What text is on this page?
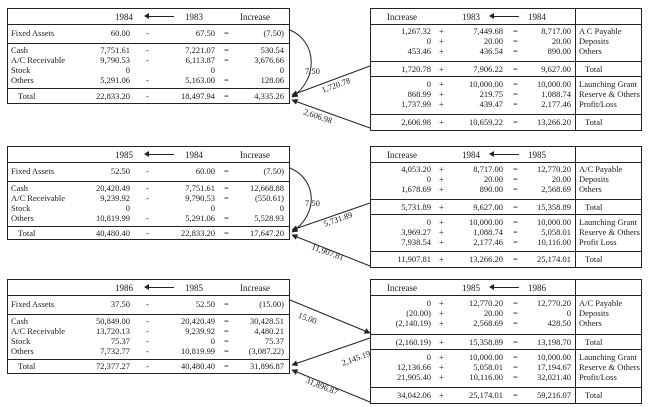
7.50
1,720.78
2,606.98
7.50
5,731.89
11,907.81
15.00
2,145.19
31,896.87
1984	1983	Increase
Fixed Assets	60.00 -	67.50 =	(7.50)
Cash	7,751.61 -	7,221.07 =	530.54
A/C Receivable	9,790.53 -	6,113.87 =	3,676.66
Stock	0	0	0
Others	5,291.06 -	5,163.00 =	128.06
Total	22,833.20 -	18,497.94 =	4,335.26
Increase	1983	1984
1,267.32 +	7,449.68 =	8,717.00 A C Payable
0 +	20.00 =	20.00 Deposits
453.46 +	436.54 =	890.00 Others
1,720.78 +	7,906.22 =	9,627.00 Total
0 +	10,000.00 =	10,000.00 Launching Grant
868.99 +	219.75 =	1,088.74 Reserve & Others
1,737.99 +	439.47 =	2,177.46 Profit/Loss
2,606.98 +	10,659.22 =	13,266.20 Total
1985	1984	Increase
Fixed Assets	52.50 -	60.00 =	(7.50)
Cash	20,420.49 -	7,751.61 =	12,668.88
A/C Receivable	9,239.92 -	9,790.53 =	(550.61)
Stock	0	0	0
Others	10,819.99 -	5,291.06 =	5,528.93
Total	40,480.40 -	22,833.20 =	17,647.20
Increase	1984	1985
4,053.20 +	8,717.00 =	12,770.20 A/C Payable
0 +	20.00 =	20.00 Deposits
1,678.69 +	890.00 =	2,568.69 Others
5,731.89 +	9,627.00 =	15,358.89 Total
0 +	10,000.00 =	10,000.00 Launching Grant
3,969.27 +	1,088.74 =	5,058.01 Reserve & Others
7,938.54 +	2,177.46 =	10,116.00 Profit Loss
11,907.81 +	13,266.20 =	25,174.01 Total
1986	1985	Increase
Fixed Assets	37.50 -	52.50 =	(15.00)
Cash	50,849.00 -	20,420.49 =	30,428.51
A/C Receivable	13,720.13 -	9,239.92 =	4,480.21
Stock	75.37 -	0 =	75.37
Others	7,732.77 -	10,819.99 =	(3,087.22)
Total	72,377.27 -	40,480.40 =	31,896.87
Increase	1985	1986
0 +	12,770.20 =	12,770.20 A/C Payable
(20.00) +	20.00 =	0 Deposits
(2,140.19) +	2,568.69 =	428.50 Others
(2,160.19) +	15,358.89 =	13,198.70 Total
0 +	10,000.00 =	10,000.00 Launching Grant
12,136.66 +	5,058.01 =	17,194.67 Reserve & Others
21,905.40 +	10,116.00 =	32,021.40 Profit/Loss
34,042.06 +	25,174.01 =	59,216.07 Total
